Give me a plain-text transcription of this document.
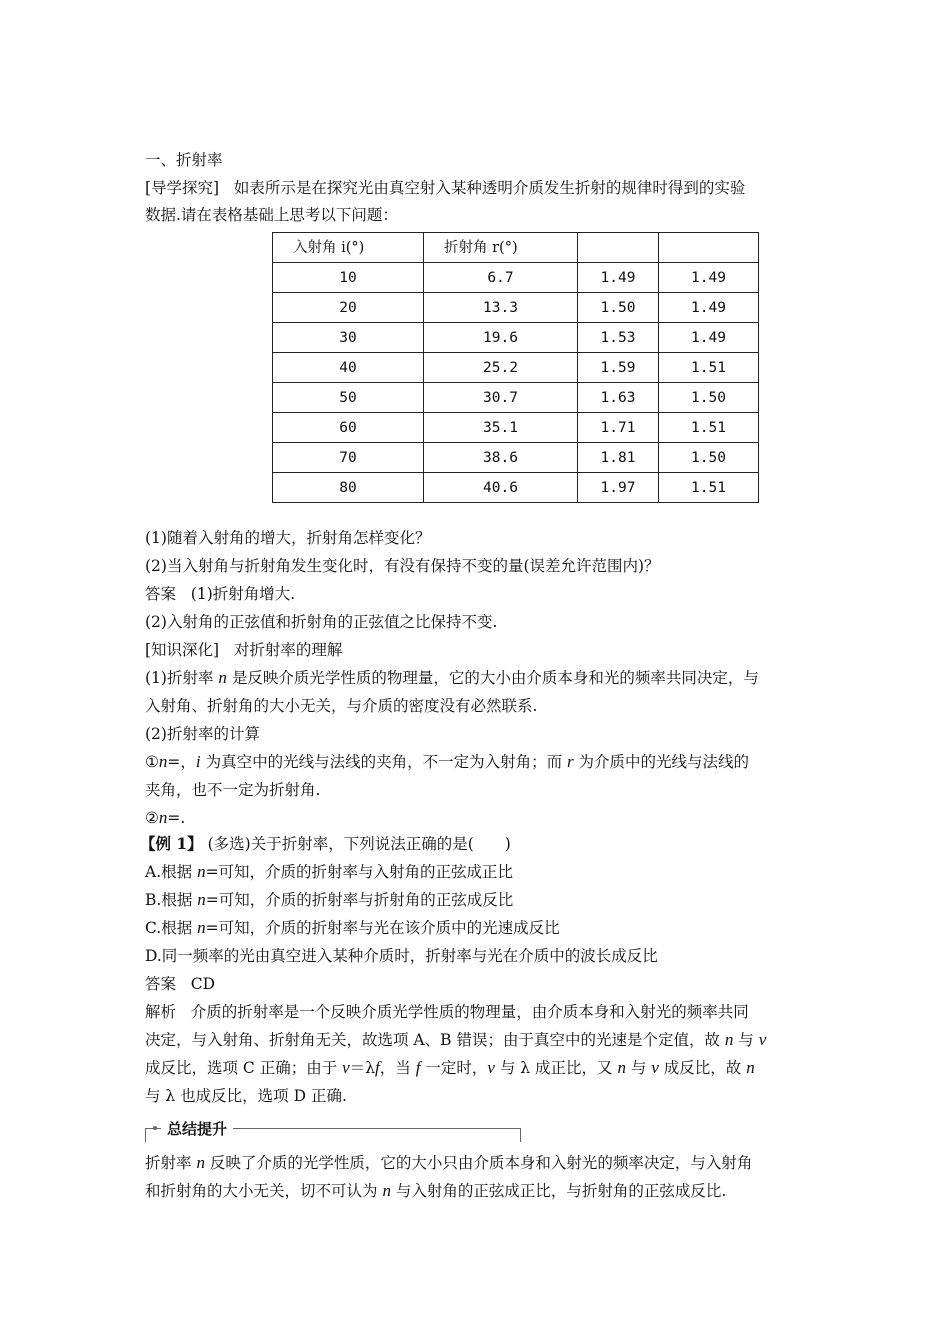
一、折射率
[导学探究] 如表所示是在探究光由真空射入某种透明介质发生折射的规律时得到的实验
数据.请在表格基础上思考以下问题：
入射角 i(°)	折射角 r(°)		
10	6.7	1.49	1.49
20	13.3	1.50	1.49
30	19.6	1.53	1.49
40	25.2	1.59	1.51
50	30.7	1.63	1.50
60	35.1	1.71	1.51
70	38.6	1.81	1.50
80	40.6	1.97	1.51
(1)随着入射角的增大，折射角怎样变化？
(2)当入射角与折射角发生变化时，有没有保持不变的量(误差允许范围内)？
答案 (1)折射角增大.
(2)入射角的正弦值和折射角的正弦值之比保持不变.
[知识深化] 对折射率的理解
(1)折射率 n 是反映介质光学性质的物理量，它的大小由介质本身和光的频率共同决定，与
入射角、折射角的大小无关，与介质的密度没有必然联系.
(2)折射率的计算
①n=，i 为真空中的光线与法线的夹角，不一定为入射角；而 r 为介质中的光线与法线的
夹角，也不一定为折射角.
②n=.
【例 1】 (多选)关于折射率，下列说法正确的是(　　)
A.根据 n=可知，介质的折射率与入射角的正弦成正比
B.根据 n=可知，介质的折射率与折射角的正弦成反比
C.根据 n=可知，介质的折射率与光在该介质中的光速成反比
D.同一频率的光由真空进入某种介质时，折射率与光在介质中的波长成反比
答案 CD
解析 介质的折射率是一个反映介质光学性质的物理量，由介质本身和入射光的频率共同
决定，与入射角、折射角无关，故选项 A、B 错误；由于真空中的光速是个定值，故 n 与 v
成反比，选项 C 正确；由于 v＝λf，当 f 一定时，v 与 λ 成正比，又 n 与 v 成反比，故 n
与 λ 也成反比，选项 D 正确.
总结提升
折射率 n 反映了介质的光学性质，它的大小只由介质本身和入射光的频率决定，与入射角
和折射角的大小无关，切不可认为 n 与入射角的正弦成正比，与折射角的正弦成反比.
